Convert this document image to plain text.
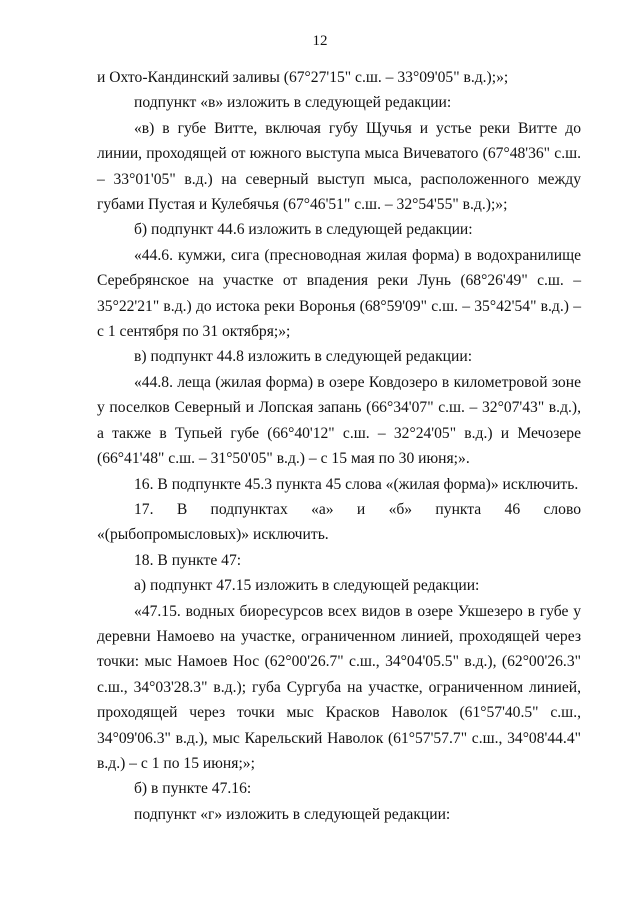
12

и Охто-Кандинский заливы (67°27'15" с.ш. – 33°09'05" в.д.);»;

подпункт «в» изложить в следующей редакции:

«в) в губе Витте, включая губу Щучья и устье реки Витте до линии, проходящей от южного выступа мыса Вичеватого (67°48'36" с.ш. – 33°01'05" в.д.) на северный выступ мыса, расположенного между губами Пустая и Кулебячья (67°46'51" с.ш. – 32°54'55" в.д.);»;

б) подпункт 44.6 изложить в следующей редакции:

«44.6. кумжи, сига (пресноводная жилая форма) в водохранилище Серебрянское на участке от впадения реки Лунь (68°26'49" с.ш. – 35°22'21" в.д.) до истока реки Воронья (68°59'09" с.ш. – 35°42'54" в.д.) – с 1 сентября по 31 октября;»;

в) подпункт 44.8 изложить в следующей редакции:

«44.8. леща (жилая форма) в озере Ковдозеро в километровой зоне у поселков Северный и Лопская запань (66°34'07" с.ш. – 32°07'43" в.д.), а также в Тупьей губе (66°40'12" с.ш. – 32°24'05" в.д.) и Мечозере (66°41'48" с.ш. – 31°50'05" в.д.) – с 15 мая по 30 июня;».

16. В подпункте 45.3 пункта 45 слова «(жилая форма)» исключить.

17. В подпунктах «а» и «б» пункта 46 слово «(рыбопромысловых)» исключить.

18. В пункте 47:

а) подпункт 47.15 изложить в следующей редакции:

«47.15. водных биоресурсов всех видов в озере Укшезеро в губе у деревни Намоево на участке, ограниченном линией, проходящей через точки: мыс Намоев Нос (62°00'26.7" с.ш., 34°04'05.5" в.д.), (62°00'26.3" с.ш., 34°03'28.3" в.д.); губа Сургуба на участке, ограниченном линией, проходящей через точки мыс Красков Наволок (61°57'40.5" с.ш., 34°09'06.3" в.д.), мыс Карельский Наволок (61°57'57.7" с.ш., 34°08'44.4" в.д.) – с 1 по 15 июня;»;

б) в пункте 47.16:

подпункт «г» изложить в следующей редакции:
